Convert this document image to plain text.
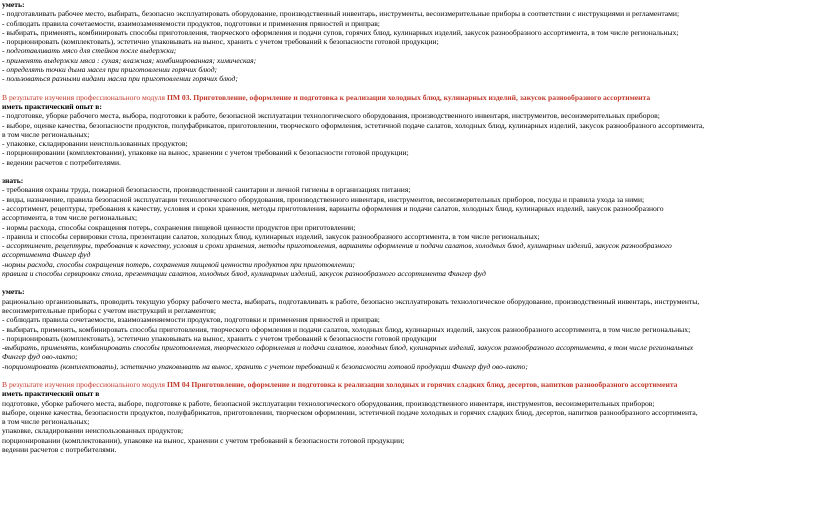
уметь:

- подготавливать рабочее место, выбирать, безопасно эксплуатировать оборудование, производственный инвентарь, инструменты, весоизмерительные приборы в соответствии с инструкциями и регламентами;

- соблюдать правила сочетаемости, взаимозаменяемости продуктов, подготовки и применения пряностей и приправ;

- выбирать, применять, комбинировать способы приготовления, творческого оформления и подачи супов, горячих блюд, кулинарных изделий, закусок разнообразного ассортимента, в том числе региональных;

- порционировать (комплектовать), эстетично упаковывать на вынос, хранить с учетом требований к безопасности готовой продукции;

- подготавливать мясо для стейков после выдержки;

- применять выдержки мяса : сухая; влажная; комбинированная; химическая;

- определять точки дыма масел при приготовлении горячих блюд;

- пользоваться разными видами масла при приготовлении горячих блюд;

В результате изучения профессионального модуля ПМ 03. Приготовление, оформление и подготовка к реализации холодных блюд, кулинарных изделий, закусок разнообразного ассортимента

иметь практический опыт в:

- подготовке, уборке рабочего места, выбора, подготовки к работе, безопасной эксплуатации технологического оборудования, производственного инвентаря, инструментов, весоизмерительных приборов;

- выборе, оценке качества, безопасности продуктов, полуфабрикатов, приготовлении, творческого оформления, эстетичной подаче салатов, холодных блюд, кулинарных изделий, закусок разнообразного ассортимента,

в том числе региональных;

- упаковке, складировании неиспользованных продуктов;

- порционировании (комплектовании), упаковке на вынос, хранении с учетом требований к безопасности готовой продукции;

- ведении расчетов с потребителями.

знать:

- требования охраны труда, пожарной безопасности, производственной санитарии и личной гигиены в организациях питания;

- виды, назначение, правила безопасной эксплуатации технологического оборудования, производственного инвентаря, инструментов, весоизмерительных приборов, посуды и правила ухода за ними;

- ассортимент, рецептуры, требования к качеству, условия и сроки хранения, методы приготовления, варианты оформления и подачи салатов, холодных блюд, кулинарных изделий, закусок разнообразного

ассортимента, в том числе региональных;

- нормы расхода, способы сокращения потерь, сохранения пищевой ценности продуктов при приготовлении;

- правила и способы сервировки стола, презентации салатов, холодных блюд, кулинарных изделий, закусок разнообразного ассортимента, в том числе региональных;

- ассортимент, рецептуры, требования к качеству, условия и сроки хранения, методы приготовления, варианты оформления и подачи салатов, холодных блюд, кулинарных изделий, закусок разнообразного

ассортимента Фингер фуд

-нормы расхода, способы сокращения потерь, сохранения пищевой ценности продуктов при приготовлении;

правила и способы сервировки стола, презентации салатов, холодных блюд, кулинарных изделий, закусок разнообразного ассортимента Фингер фуд

уметь:

рационально организовывать, проводить текущую уборку рабочего места, выбирать, подготавливать к работе, безопасно эксплуатировать технологическое оборудование, производственный инвентарь, инструменты,

весоизмерительные приборы с учетом инструкций и регламентов;

- соблюдать правила сочетаемости, взаимозаменяемости продуктов, подготовки и применения пряностей и приправ;

- выбирать, применять, комбинировать способы приготовления, творческого оформления и подачи салатов, холодных блюд, кулинарных изделий, закусок разнообразного ассортимента, в том числе региональных;

- порционировать (комплектовать), эстетично упаковывать на вынос, хранить с учетом требований к безопасности готовой продукции

-выбирать, применять, комбинировать способы приготовления, творческого оформления и подачи салатов, холодных блюд, кулинарных изделий, закусок разнообразного ассортимента, в том числе региональных

Фингер фуд ово-лакто;

-порционировать (комплектовать), эстетично упаковывать на вынос, хранить с учетом требований к безопасности готовой продукции Фингер фуд ово-лакто;

В результате изучения профессионального модуля ПМ 04 Приготовление, оформление и подготовка к реализации холодных и горячих сладких блюд, десертов, напитков разнообразного ассортимента

иметь практический опыт в

подготовке, уборке рабочего места, выборе, подготовке к работе, безопасной эксплуатации технологического оборудования, производственного инвентаря, инструментов, весоизмерительных приборов;

выборе, оценке качества, безопасности продуктов, полуфабрикатов, приготовлении, творческом оформлении, эстетичной подаче холодных и горячих сладких блюд, десертов, напитков разнообразного ассортимента,

в том числе региональных;

упаковке, складировании неиспользованных продуктов;

порционировании (комплектовании), упаковке на вынос, хранении с учетом требований к безопасности готовой продукции;

ведении расчетов с потребителями.
